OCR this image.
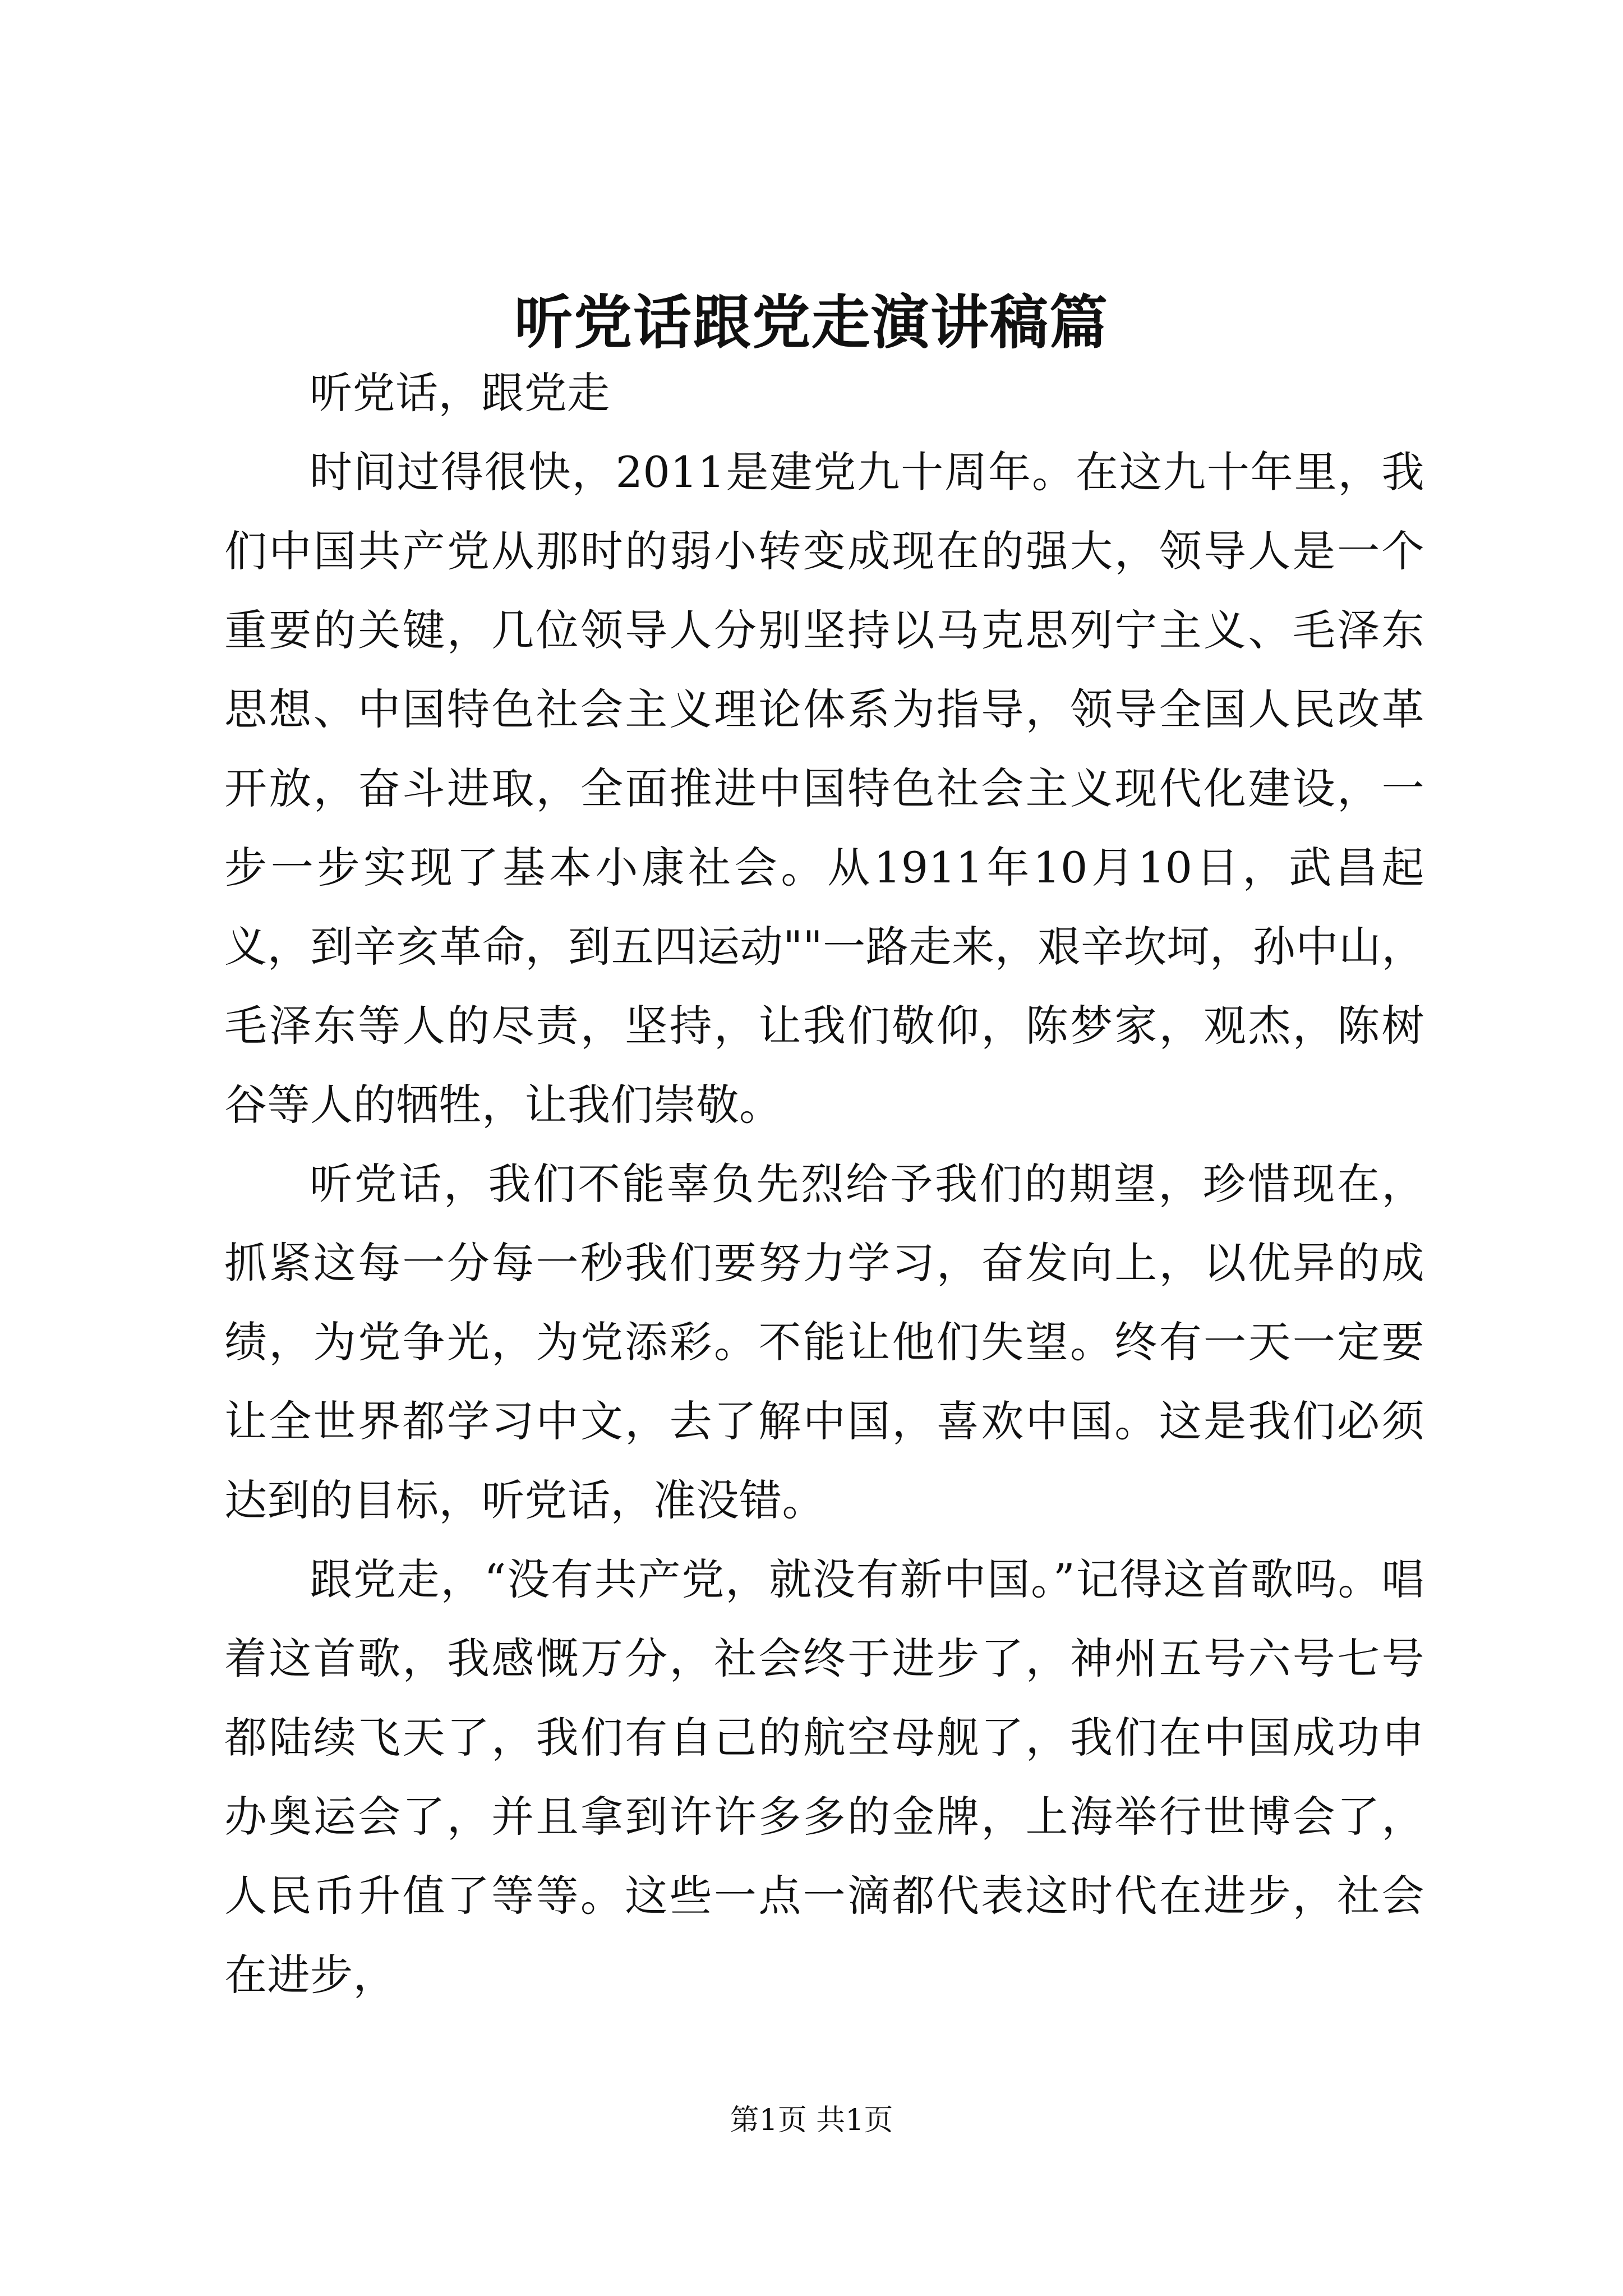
听党话跟党走演讲稿篇

听党话，跟党走

时间过得很快，2011是建党九十周年。在这九十年里，我们中国共产党从那时的弱小转变成现在的强大，领导人是一个重要的关键，几位领导人分别坚持以马克思列宁主义、毛泽东思想、中国特色社会主义理论体系为指导，领导全国人民改革开放，奋斗进取，全面推进中国特色社会主义现代化建设，一步一步实现了基本小康社会。从1911年10月10日，武昌起义，到辛亥革命，到五四运动""一路走来，艰辛坎坷，孙中山，毛泽东等人的尽责，坚持，让我们敬仰，陈梦家，观杰，陈树谷等人的牺牲，让我们崇敬。

听党话，我们不能辜负先烈给予我们的期望，珍惜现在，抓紧这每一分每一秒我们要努力学习，奋发向上，以优异的成绩，为党争光，为党添彩。不能让他们失望。终有一天一定要让全世界都学习中文，去了解中国，喜欢中国。这是我们必须达到的目标，听党话，准没错。

跟党走，“没有共产党，就没有新中国。”记得这首歌吗。唱着这首歌，我感慨万分，社会终于进步了，神州五号六号七号都陆续飞天了，我们有自己的航空母舰了，我们在中国成功申办奥运会了，并且拿到许许多多的金牌，上海举行世博会了，人民币升值了等等。这些一点一滴都代表这时代在进步，社会在进步，

第1页 共1页
